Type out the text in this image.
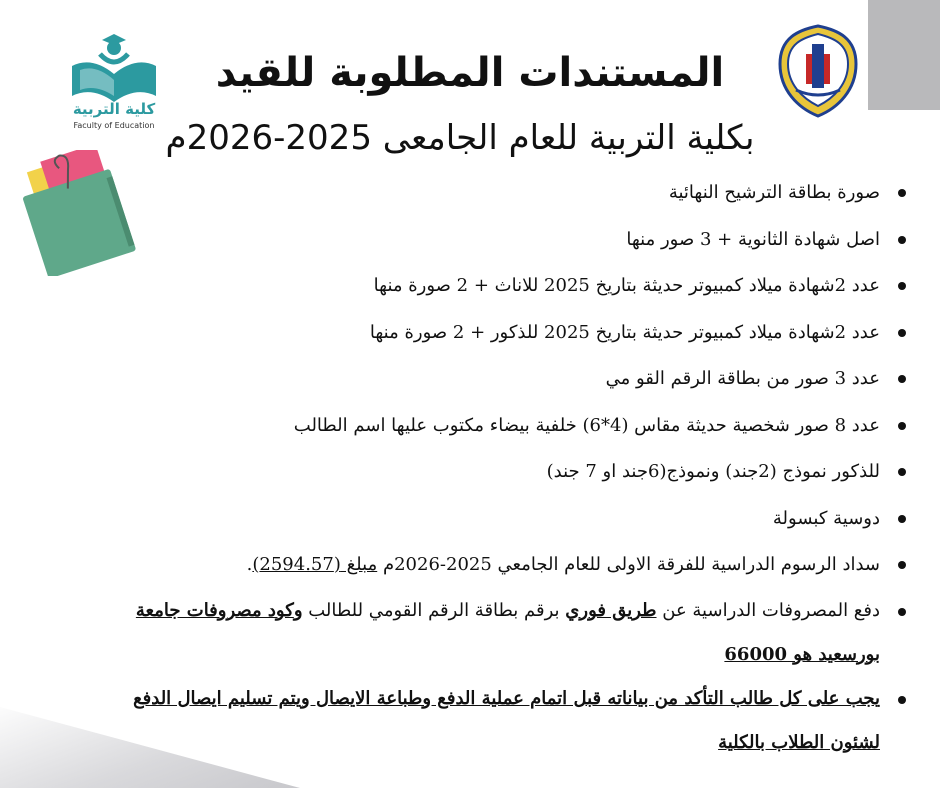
كلية التربية
Faculty of Education
المستندات المطلوبة للقيد
بكلية التربية للعام الجامعى 2025-2026م
صورة بطاقة الترشيح النهائية
اصل شهادة الثانوية + 3 صور منها
عدد 2شهادة ميلاد كمبيوتر حديثة بتاريخ 2025 للاناث + 2 صورة منها
عدد 2شهادة ميلاد كمبيوتر حديثة بتاريخ 2025 للذكور + 2 صورة منها
عدد 3 صور من بطاقة الرقم القو مي
عدد 8 صور شخصية حديثة مقاس (4*6) خلفية بيضاء مكتوب عليها اسم الطالب
للذكور نموذج (2جند) ونموذج(6جند او 7 جند)
دوسية كبسولة
سداد الرسوم الدراسية للفرقة الاولى للعام الجامعي 2025-2026م مبلغ (2594.57).
دفع المصروفات الدراسية عن طريق فوري برقم بطاقة الرقم القومي للطالب وكود مصروفات جامعة بورسعيد هو 66000
يجب على كل طالب التأكد من بياناته قبل اتمام عملية الدفع وطباعة الايصال ويتم تسليم ايصال الدفع لشئون الطلاب بالكلية
